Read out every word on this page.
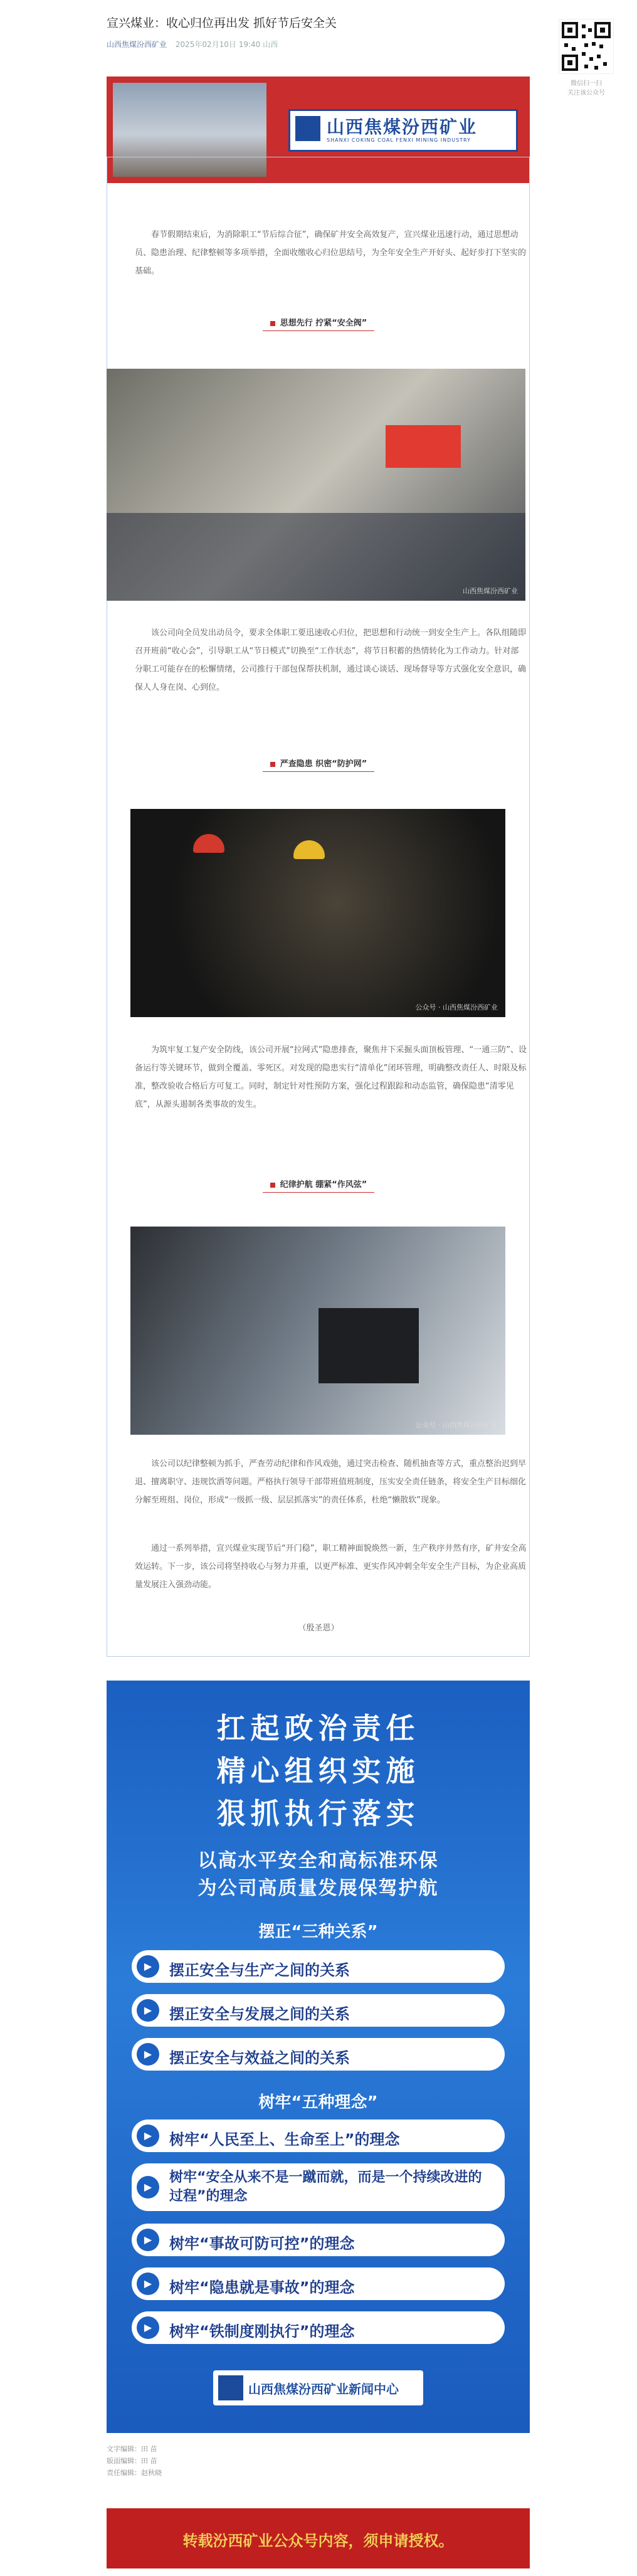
宣兴煤业：收心归位再出发 抓好节后安全关
山西焦煤汾西矿业 2025年02月10日 19:40 山西
微信扫一扫
关注该公众号
山西焦煤汾西矿业
SHANXI COKING COAL FENXI MINING INDUSTRY

春节假期结束后，为消除职工“节后综合征”，确保矿井安全高效复产，宣兴煤业迅速行动，通过思想动员、隐患治理、纪律整顿等多项举措，全面收缴收心归位思结号，为全年安全生产开好头、起好步打下坚实的基础。

思想先行 拧紧“安全阀”
山西焦煤汾西矿业

该公司向全员发出动员令，要求全体职工要迅速收心归位，把思想和行动统一到安全生产上。各队组随即召开班前“收心会”，引导职工从“节日模式”切换至“工作状态”，将节日积蓄的热情转化为工作动力。针对部分职工可能存在的松懈情绪，公司推行干部包保帮扶机制，通过谈心谈话、现场督导等方式强化安全意识，确保人人身在岗、心到位。

严查隐患 织密“防护网”
公众号 · 山西焦煤汾西矿业

为筑牢复工复产安全防线，该公司开展“拉网式”隐患排查，聚焦井下采掘头面顶板管理、“一通三防”、设备运行等关键环节，做到全覆盖、零死区。对发现的隐患实行“清单化”闭环管理，明确整改责任人、时限及标准，整改验收合格后方可复工。同时，制定针对性预防方案，强化过程跟踪和动态监管，确保隐患“清零见底”，从源头遏制各类事故的发生。

纪律护航 绷紧“作风弦”
公众号 · 山西焦煤汾西矿业

该公司以纪律整顿为抓手，严查劳动纪律和作风戏弛，通过突击检查、随机抽查等方式，重点整治迟到早退、擅离职守、违规饮酒等问题。严格执行领导干部带班值班制度，压实安全责任链条，将安全生产目标细化分解至班组、岗位，形成“一级抓一级、层层抓落实”的责任体系，杜绝“懒散软”现象。

通过一系列举措，宣兴煤业实现节后“开门稳”，职工精神面貌焕然一新，生产秩序井然有序，矿井安全高效运转。下一步，该公司将坚持收心与努力并重，以更严标准、更实作风冲刺全年安全生产目标，为企业高质量发展注入强劲动能。

（殷圣恩）
扛起政治责任
精心组织实施
狠抓执行落实
以高水平安全和高标准环保
为公司高质量发展保驾护航
摆正“三种关系”
▶	摆正安全与生产之间的关系
▶	摆正安全与发展之间的关系
▶	摆正安全与效益之间的关系
树牢“五种理念”
▶	树牢“人民至上、生命至上”的理念
▶
树牢“安全从来不是一蹴而就，而是一个持续改进的过程”的理念
▶	树牢“事故可防可控”的理念
▶	树牢“隐患就是事故”的理念
▶	树牢“铁制度刚执行”的理念
山西焦煤汾西矿业新闻中心
文字编辑：田 苗
版面编辑：田 苗
责任编辑：赵秋晓
转载汾西矿业公众号内容，须申请授权。
